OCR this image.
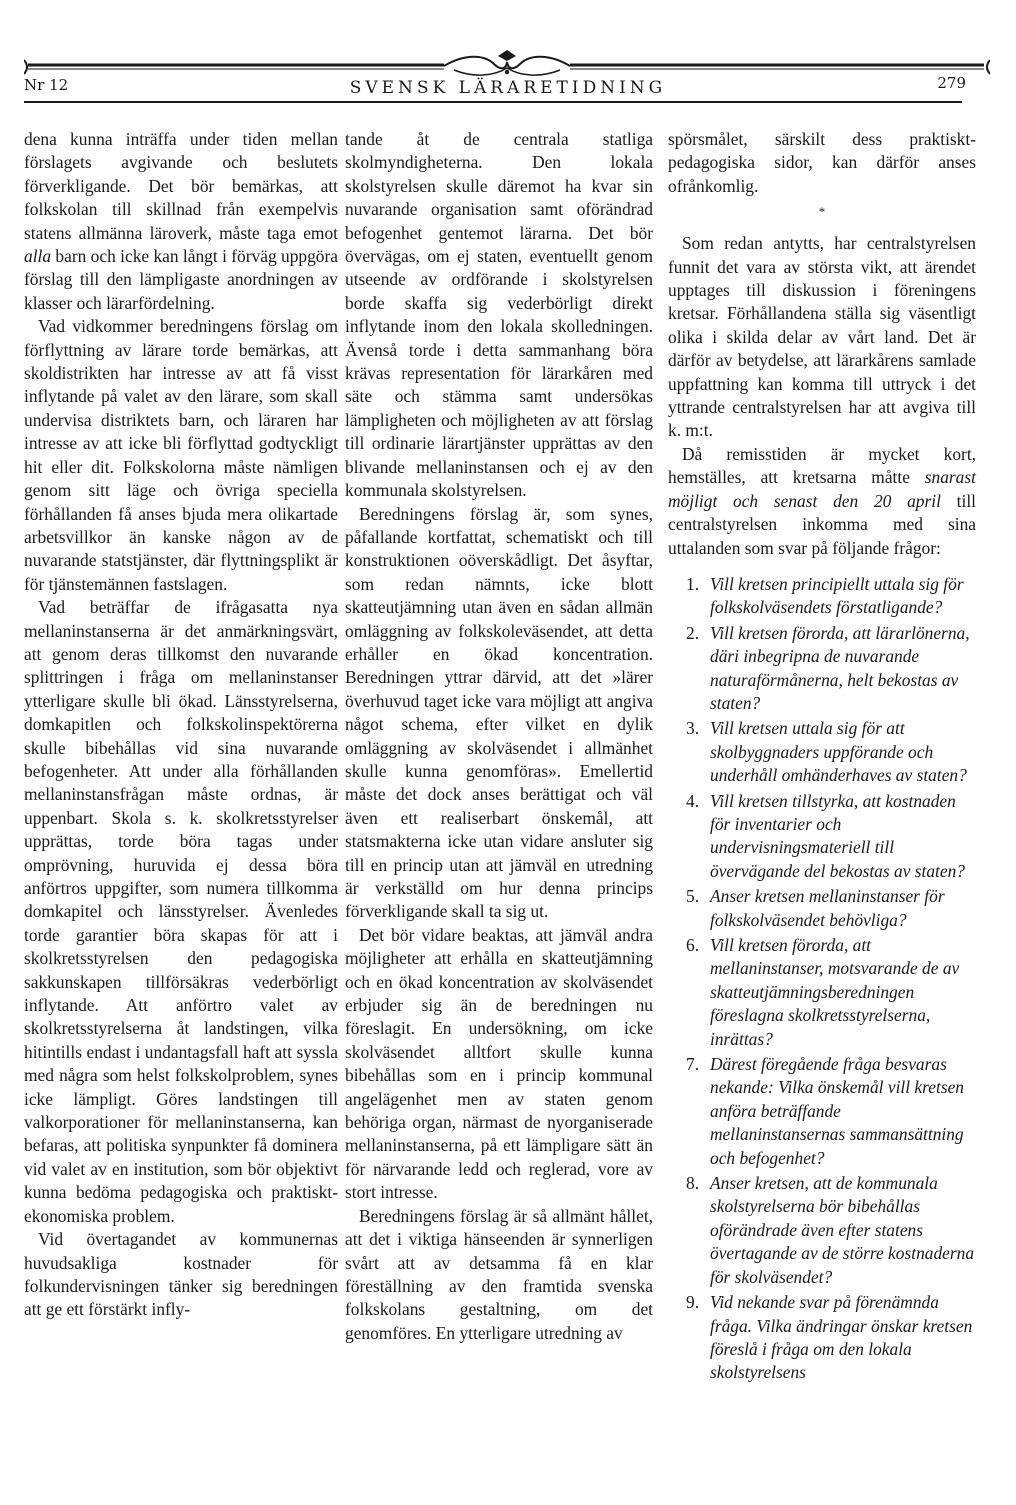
Nr 12	SVENSK LÄRARETIDNING	279

dena kunna inträffa under tiden mellan förslagets avgivande och beslutets förverkligande. Det bör bemärkas, att folkskolan till skillnad från exempelvis statens allmänna läroverk, måste taga emot alla barn och icke kan långt i förväg uppgöra förslag till den lämpligaste anordningen av klasser och lärarfördelning.

Vad vidkommer beredningens förslag om förflyttning av lärare torde bemärkas, att skoldistrikten har intresse av att få visst inflytande på valet av den lärare, som skall undervisa distriktets barn, och läraren har intresse av att icke bli förflyttad godtyckligt hit eller dit. Folkskolorna måste nämligen genom sitt läge och övriga speciella förhållanden få anses bjuda mera olikartade arbetsvillkor än kanske någon av de nuvarande statstjänster, där flyttningsplikt är för tjänstemännen fastslagen.

Vad beträffar de ifrågasatta nya mellaninstanserna är det anmärkningsvärt, att genom deras tillkomst den nuvarande splittringen i fråga om mellaninstanser ytterligare skulle bli ökad. Länsstyrelserna, domkapitlen och folkskolinspektörerna skulle bibehållas vid sina nuvarande befogenheter. Att under alla förhållanden mellaninstansfrågan måste ordnas, är uppenbart. Skola s. k. skolkretsstyrelser upprättas, torde böra tagas under omprövning, huruvida ej dessa böra anförtros uppgifter, som numera tillkomma domkapitel och länsstyrelser. Ävenledes torde garantier böra skapas för att i skolkretsstyrelsen den pedagogiska sakkunskapen tillförsäkras vederbörligt inflytande. Att anförtro valet av skolkretsstyrelserna åt landstingen, vilka hitintills endast i undantagsfall haft att syssla med några som helst folkskolproblem, synes icke lämpligt. Göres landstingen till valkorporationer för mellaninstanserna, kan befaras, att politiska synpunkter få dominera vid valet av en institution, som bör objektivt kunna bedöma pedagogiska och praktiskt-ekonomiska problem.

Vid övertagandet av kommunernas huvudsakliga kostnader för folkundervisningen tänker sig beredningen att ge ett förstärkt infly-

tande åt de centrala statliga skolmyndigheterna. Den lokala skolstyrelsen skulle däremot ha kvar sin nuvarande organisation samt oförändrad befogenhet gentemot lärarna. Det bör övervägas, om ej staten, eventuellt genom utseende av ordförande i skolstyrelsen borde skaffa sig vederbörligt direkt inflytande inom den lokala skolledningen. Ävenså torde i detta sammanhang böra krävas representation för lärarkåren med säte och stämma samt undersökas lämpligheten och möjligheten av att förslag till ordinarie lärartjänster upprättas av den blivande mellaninstansen och ej av den kommunala skolstyrelsen.

Beredningens förslag är, som synes, påfallande kortfattat, schematiskt och till konstruktionen oöverskådligt. Det åsyftar, som redan nämnts, icke blott skatteutjämning utan även en sådan allmän omläggning av folkskoleväsendet, att detta erhåller en ökad koncentration. Beredningen yttrar därvid, att det »lärer överhuvud taget icke vara möjligt att angiva något schema, efter vilket en dylik omläggning av skolväsendet i allmänhet skulle kunna genomföras». Emellertid måste det dock anses berättigat och väl även ett realiserbart önskemål, att statsmakterna icke utan vidare ansluter sig till en princip utan att jämväl en utredning är verkställd om hur denna princips förverkligande skall ta sig ut.

Det bör vidare beaktas, att jämväl andra möjligheter att erhålla en skatteutjämning och en ökad koncentration av skolväsendet erbjuder sig än de beredningen nu föreslagit. En undersökning, om icke skolväsendet alltfort skulle kunna bibehållas som en i princip kommunal angelägenhet men av staten genom behöriga organ, närmast de nyorganiserade mellaninstanserna, på ett lämpligare sätt än för närvarande ledd och reglerad, vore av stort intresse.

Beredningens förslag är så allmänt hållet, att det i viktiga hänseenden är synnerligen svårt att av detsamma få en klar föreställning av den framtida svenska folkskolans gestaltning, om det genomföres. En ytterligare utredning av

spörsmålet, särskilt dess praktiskt-pedagogiska sidor, kan därför anses ofrånkomlig.

*

Som redan antytts, har centralstyrelsen funnit det vara av största vikt, att ärendet upptages till diskussion i föreningens kretsar. Förhållandena ställa sig väsentligt olika i skilda delar av vårt land. Det är därför av betydelse, att lärarkårens samlade uppfattning kan komma till uttryck i det yttrande centralstyrelsen har att avgiva till k. m:t.

Då remisstiden är mycket kort, hemställes, att kretsarna måtte snarast möjligt och senast den 20 april till centralstyrelsen inkomma med sina uttalanden som svar på följande frågor:

1. Vill kretsen principiellt uttala sig för folkskolväsendets förstatligande?
2. Vill kretsen förorda, att lärarlönerna, däri inbegripna de nuvarande naturaförmånerna, helt bekostas av staten?
3. Vill kretsen uttala sig för att skolbyggnaders uppförande och underhåll omhänderhaves av staten?
4. Vill kretsen tillstyrka, att kostnaden för inventarier och undervisningsmateriell till övervägande del bekostas av staten?
5. Anser kretsen mellaninstanser för folkskolväsendet behövliga?
6. Vill kretsen förorda, att mellaninstanser, motsvarande de av skatteutjämningsberedningen föreslagna skolkretsstyrelserna, inrättas?
7. Därest föregående fråga besvaras nekande: Vilka önskemål vill kretsen anföra beträffande mellaninstansernas sammansättning och befogenhet?
8. Anser kretsen, att de kommunala skolstyrelserna bör bibehållas oförändrade även efter statens övertagande av de större kostnaderna för skolväsendet?
9. Vid nekande svar på förenämnda fråga. Vilka ändringar önskar kretsen föreslå i fråga om den lokala skolstyrelsens
